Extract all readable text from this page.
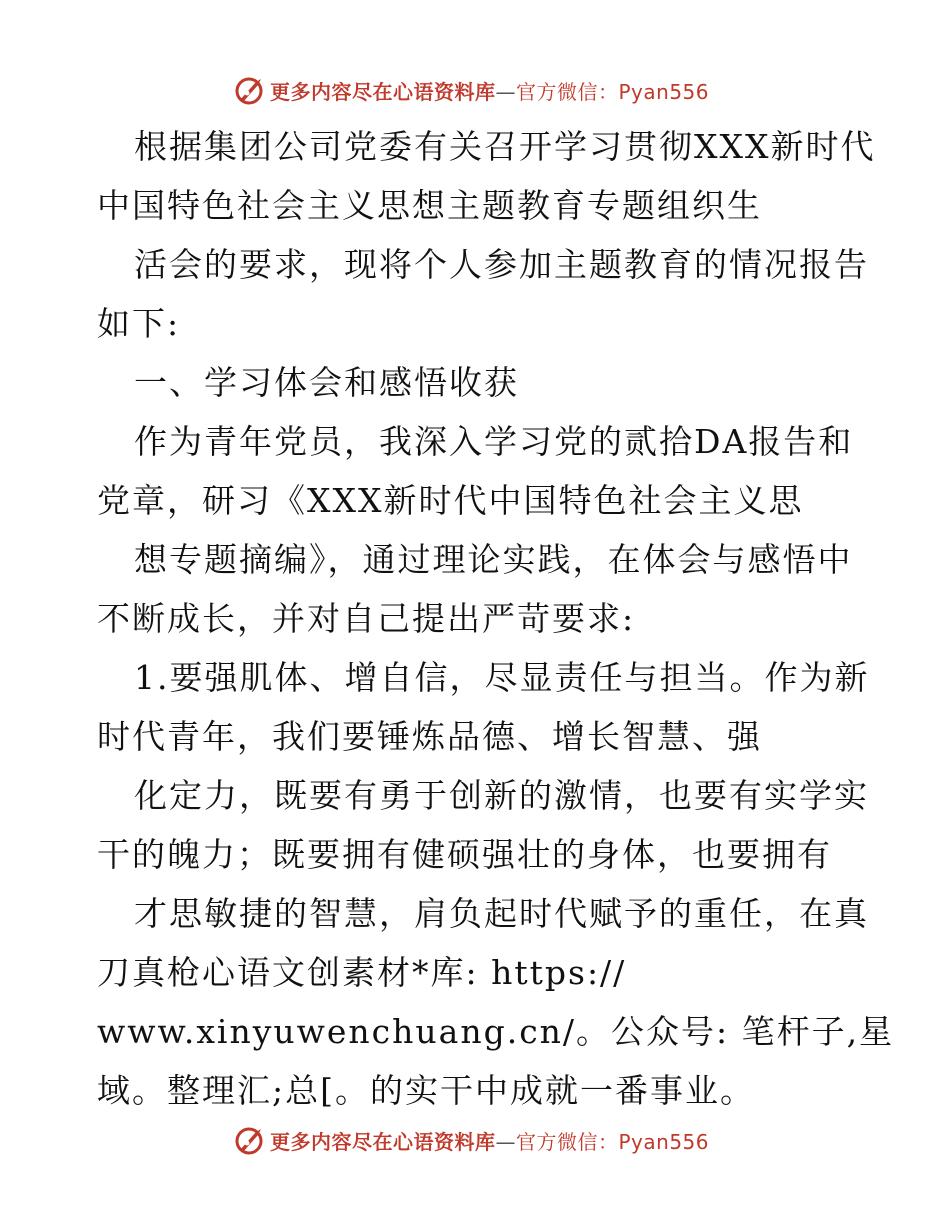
更多内容尽在心语资料库—官方微信：Pyan556
根据集团公司党委有关召开学习贯彻XXX新时代
中国特色社会主义思想主题教育专题组织生
活会的要求，现将个人参加主题教育的情况报告
如下:
一、学习体会和感悟收获
作为青年党员，我深入学习党的贰拾DA报告和
党章，研习《XXX新时代中国特色社会主义思
想专题摘编》，通过理论实践，在体会与感悟中
不断成长，并对自己提出严苛要求:
1.要强肌体、增自信，尽显责任与担当。作为新
时代青年，我们要锤炼品德、增长智慧、强
化定力，既要有勇于创新的激情，也要有实学实
干的魄力；既要拥有健硕强壮的身体，也要拥有
才思敏捷的智慧，肩负起时代赋予的重任，在真
刀真枪心语文创素材*库: https://
www.xinyuwenchuang.cn/。公众号: 笔杆子,星
域。整理汇;总[。的实干中成就一番事业。
更多内容尽在心语资料库—官方微信：Pyan556
